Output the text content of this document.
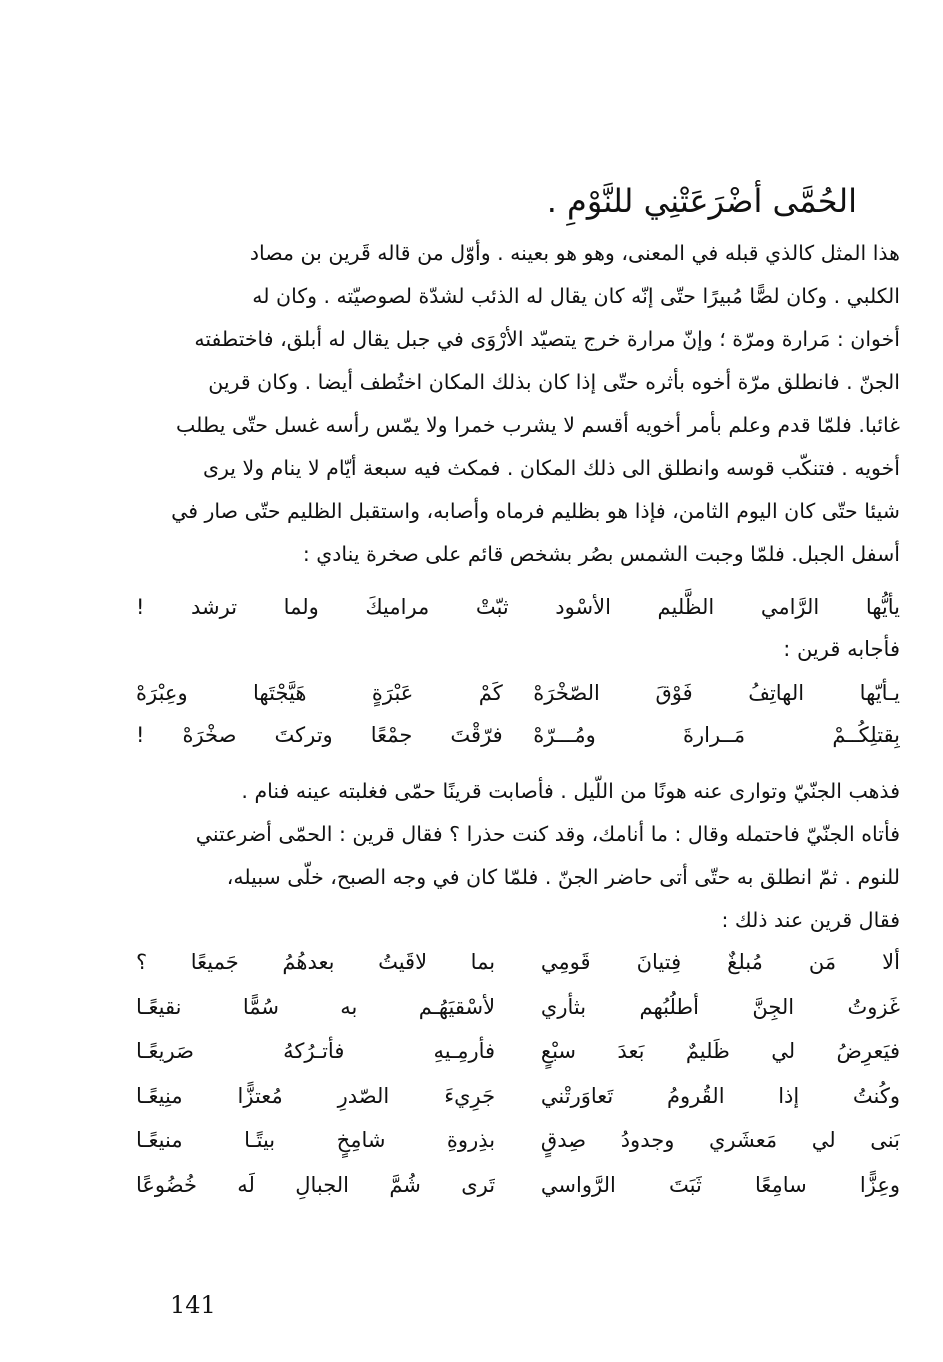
الحُمَّى أضْرَعَتْنِي للنَّوْمِ .
هذا المثل كالذي قبله في المعنى، وهو هو بعينه . وأوّل من قاله قَرين بن مصاد
الكلبي . وكان لصًّا مُبيرًا حتّى إنّه كان يقال له الذئب لشدّة لصوصيّته . وكان له
أخوان : مَرارة ومرّة ؛ وإنّ مرارة خرج يتصيّد الأرْوَى في جبل يقال له أبلق، فاختطفته
الجنّ . فانطلق مرّة أخوه بأثره حتّى إذا كان بذلك المكان اختُطف أيضا . وكان قرين
غائبا. فلمّا قدم وعلم بأمر أخويه أقسم لا يشرب خمرا ولا يمّس رأسه غسل حتّى يطلب
أخويه . فتنكّب قوسه وانطلق الى ذلك المكان . فمكث فيه سبعة أيّام لا ينام ولا يرى
شيئا حتّى كان اليوم الثامن، فإذا هو بظليم فرماه وأصابه، واستقبل الظليم حتّى صار في
أسفل الجبل. فلمّا وجبت الشمس بصُر بشخص قائم على صخرة ينادي :
يأيُّها الرَّامي الظَّليم الأسْود ثبّتْ مراميكَ ولما ترشد !
فأجابه قرين :
يـأيّها الهاتِفُ فَوْقَ الصّخْرَهْ
كَمْ عَبْرَةٍ هَيَّجْتَها وعِبْرَهْ
بِقتلِكُــمْ مَــرارةَ ومُـــرّهْ
فرّقْتَ جمْعًا وتركتَ صخْرَهْ !
فذهب الجنّيّ وتوارى عنه هونًا من اللّيل . فأصابت قرينًا حمّى فغلبته عينه فنام .
فأتاه الجنّيّ فاحتمله وقال : ما أنامك، وقد كنت حذرا ؟ فقال قرين : الحمّى أضرعتني
للنوم . ثمّ انطلق به حتّى أتى حاضر الجنّ . فلمّا كان في وجه الصبح، خلّى سبيله،
فقال قرين عند ذلك :
ألا مَن مُبلغٌ فِتيانَ قَومِي
بما لاقَيتُ بعدهُمُ جَميعًا ؟
غَزوتُ الجِنَّ أطلُبُهم بثأري
لأسْقيَهُـم به سُمًّا نقيعًـا
فيَعرِضُ لي ظَليمٌ بَعدَ سبْعٍ
فأرمِـيهِ فأتـرُكهُ صَريعًـا
وكُنتُ إذا القُرومُ تَعاوَرتْني
جَرِيءَ الصّدرِ مُعتزًّا منِيعًـا
بَنى لي مَعشَري وجدودُ صِدقٍ
بذِروةِ شامِخٍ بيتًـا منيعًـا
وعِزًّا سامِعًا ثَبَتَ الرَّواسي
تَرى شُمَّ الجبالِ لَه خُضُوعًا
141
